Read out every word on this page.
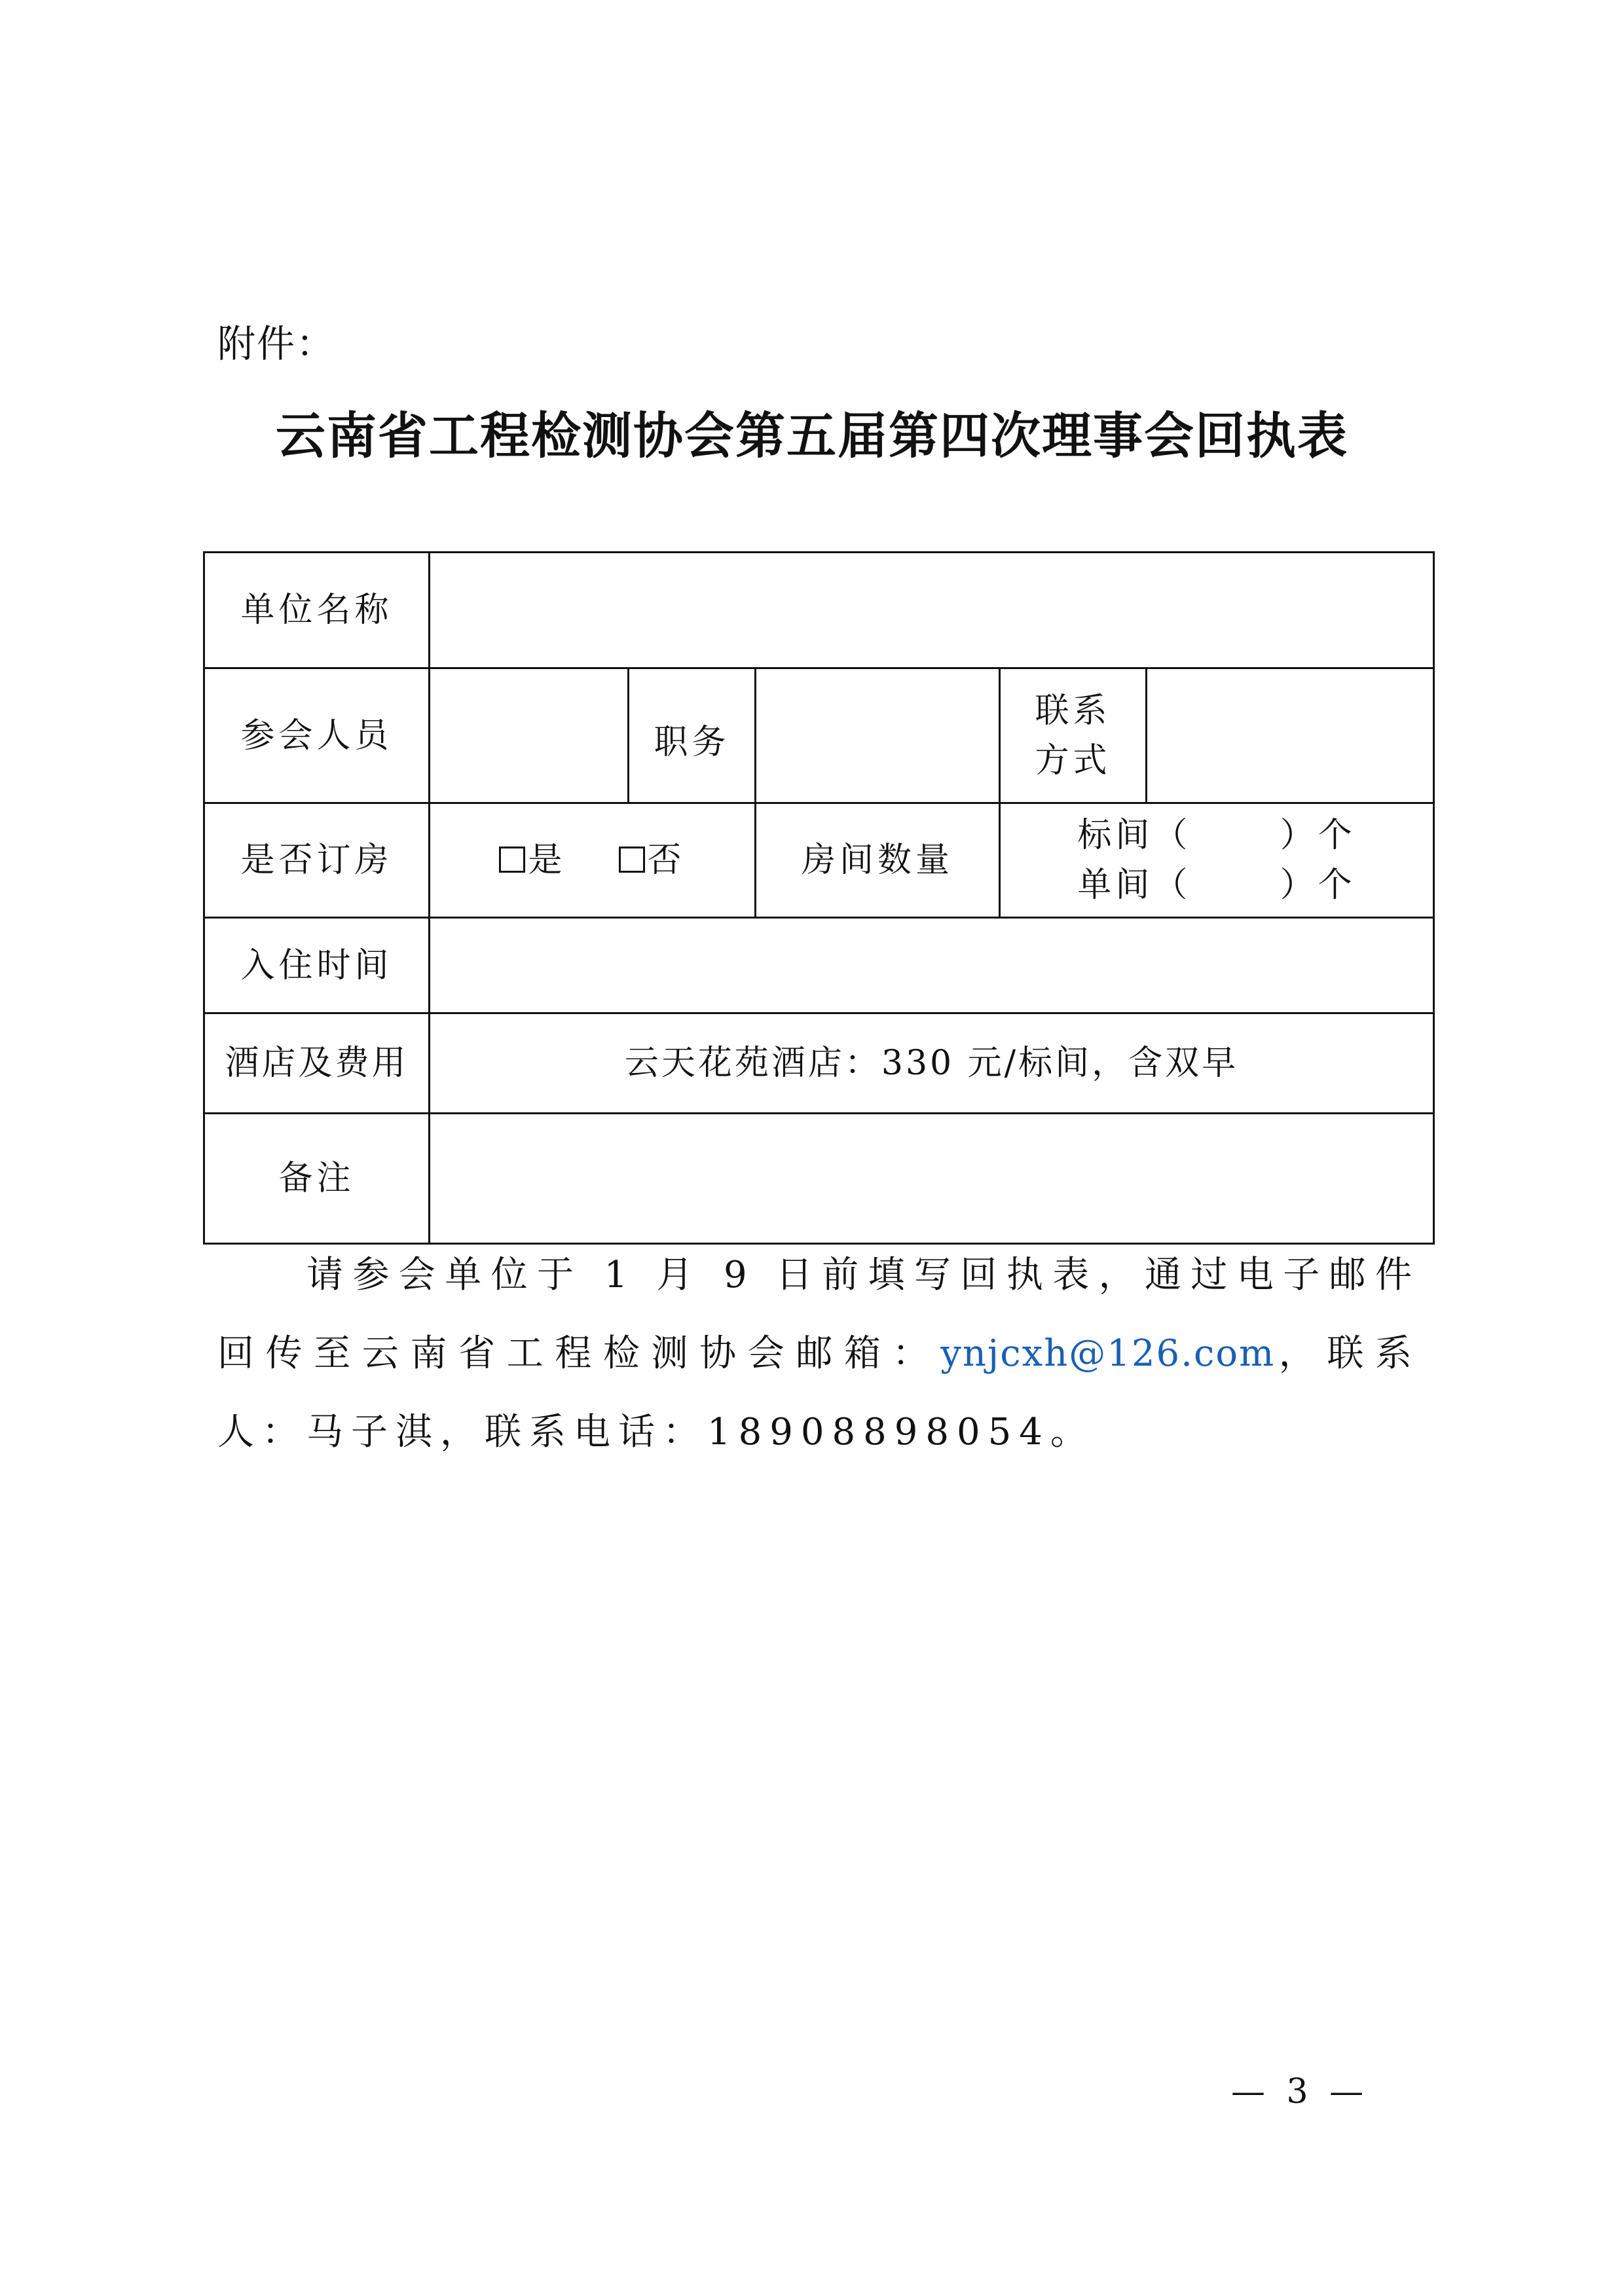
附件：
云南省工程检测协会第五届第四次理事会回执表
单位名称					
参会人员		职务		联系
方式	

是否订房	是 否		房间数量	标间（      ）个
单间（      ）个	

入住时间					
酒店及费用	云天花苑酒店：330 元/标间，含双早				
备注					
请参会单位于 1 月 9 日前填写回执表，通过电子邮件回传至云南省工程检测协会邮箱：ynjcxh@126.com，联系人：马子淇，联系电话：18908898054。
— 3 —
